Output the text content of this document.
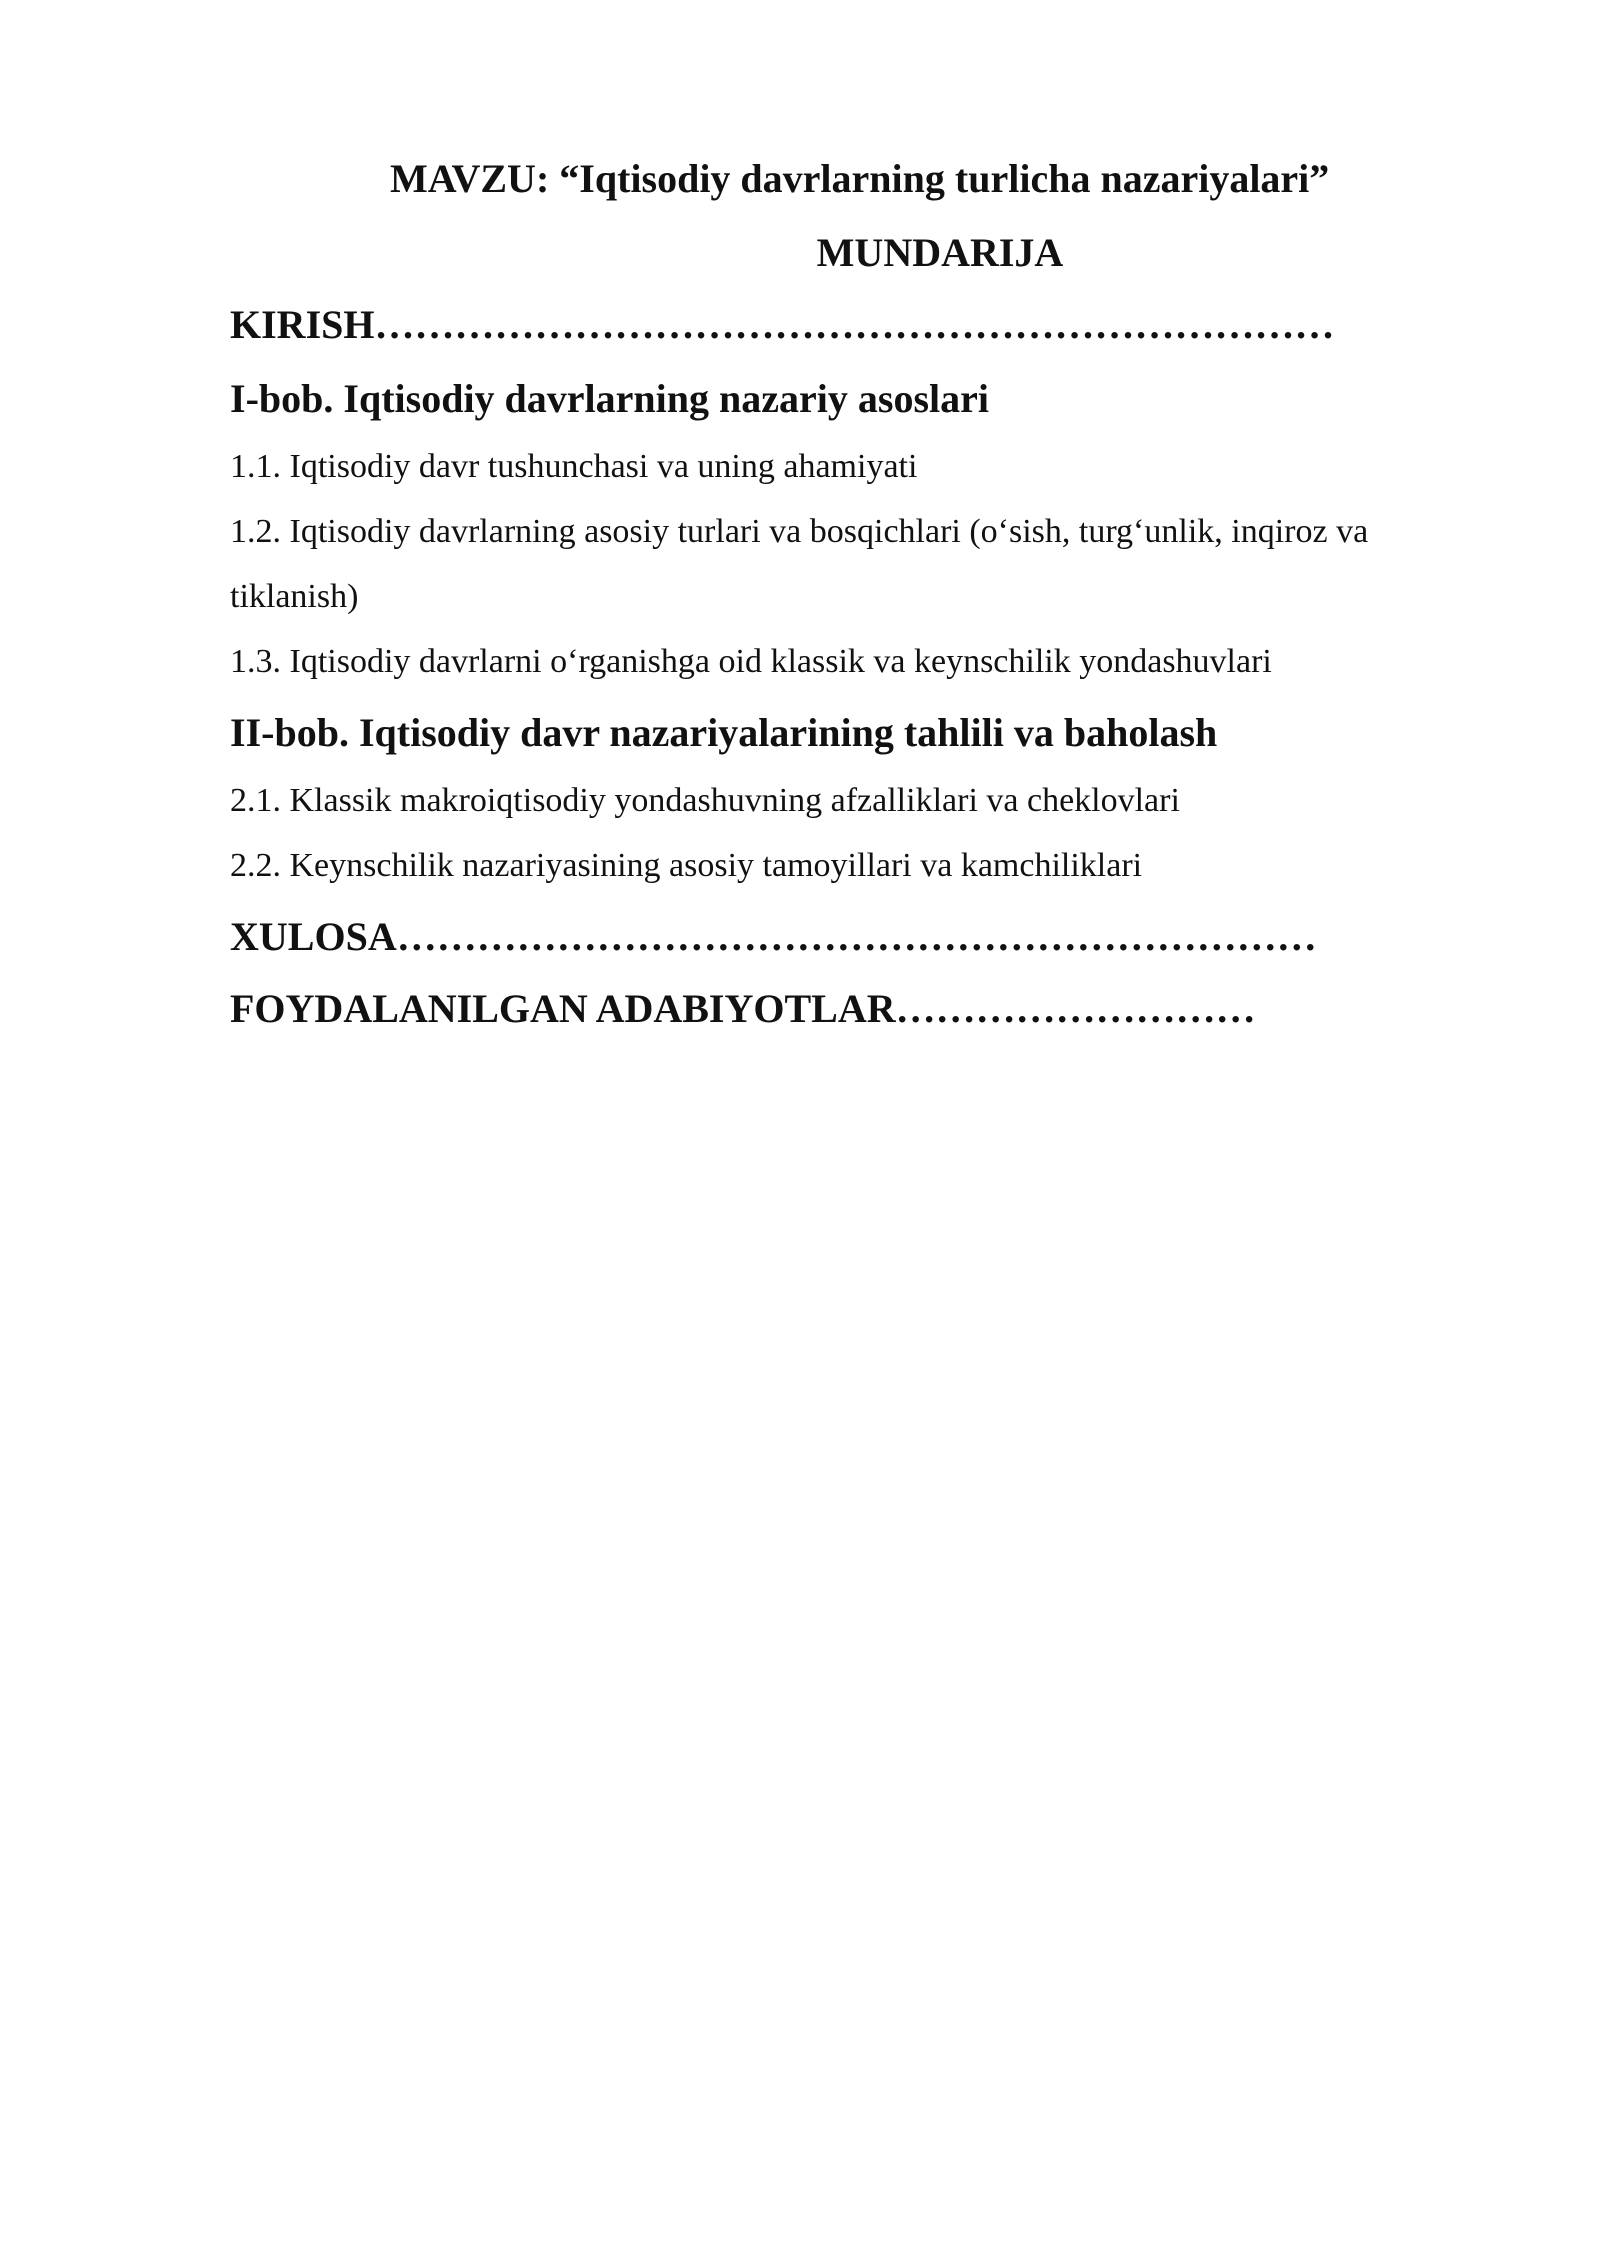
MAVZU: “Iqtisodiy davrlarning turlicha nazariyalari”

MUNDARIJA

KIRISH………………………………………………………………

I-bob. Iqtisodiy davrlarning nazariy asoslari

1.1. Iqtisodiy davr tushunchasi va uning ahamiyati

1.2. Iqtisodiy davrlarning asosiy turlari va bosqichlari (o‘sish, turg‘unlik, inqiroz va tiklanish)

1.3. Iqtisodiy davrlarni o‘rganishga oid klassik va keynschilik yondashuvlari

II-bob. Iqtisodiy davr nazariyalarining tahlili va baholash

2.1. Klassik makroiqtisodiy yondashuvning afzalliklari va cheklovlari

2.2. Keynschilik nazariyasining asosiy tamoyillari va kamchiliklari

XULOSA……………………………………………………………

FOYDALANILGAN ADABIYOTLAR………………………
